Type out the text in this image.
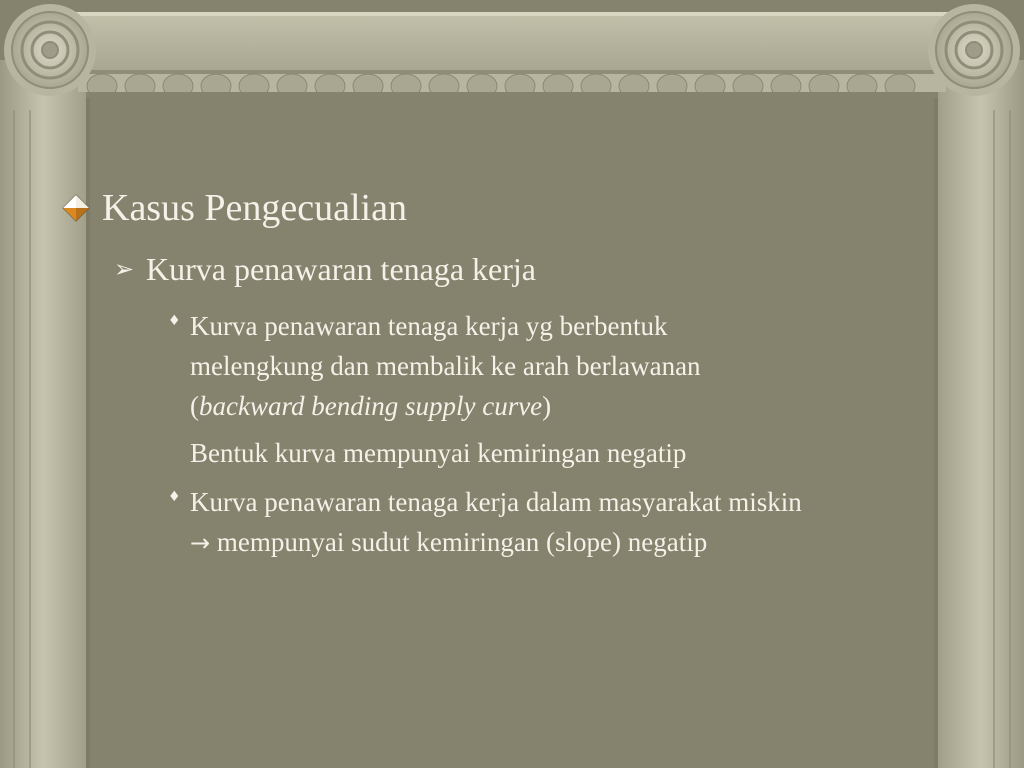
Kasus Pengecualian
➢ Kurva penawaran tenaga kerja
♦ Kurva penawaran tenaga kerja yg berbentuk
melengkung dan membalik ke arah berlawanan
(backward bending supply curve)
Bentuk kurva mempunyai kemiringan negatip
♦ Kurva penawaran tenaga kerja dalam masyarakat miskin
→ mempunyai sudut kemiringan (slope) negatip
